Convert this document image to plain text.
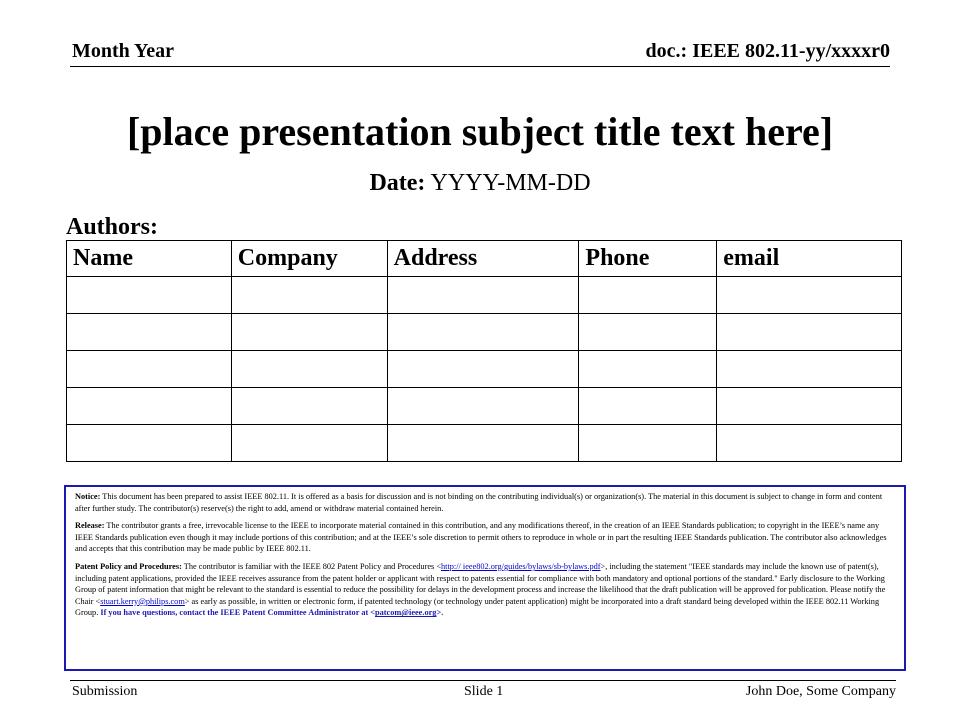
Month Year	doc.: IEEE 802.11-yy/xxxxr0
[place presentation subject title text here]
Date: YYYY-MM-DD
Authors:
Name	Company	Address	Phone	email

Notice: This document has been prepared to assist IEEE 802.11. It is offered as a basis for discussion and is not binding on the contributing individual(s) or organization(s). The material in this document is subject to change in form and content after further study. The contributor(s) reserve(s) the right to add, amend or withdraw material contained herein.

Release: The contributor grants a free, irrevocable license to the IEEE to incorporate material contained in this contribution, and any modifications thereof, in the creation of an IEEE Standards publication; to copyright in the IEEE’s name any IEEE Standards publication even though it may include portions of this contribution; and at the IEEE’s sole discretion to permit others to reproduce in whole or in part the resulting IEEE Standards publication. The contributor also acknowledges and accepts that this contribution may be made public by IEEE 802.11.

Patent Policy and Procedures: The contributor is familiar with the IEEE 802 Patent Policy and Procedures <http:// ieee802.org/guides/bylaws/sb-bylaws.pdf>, including the statement "IEEE standards may include the known use of patent(s), including patent applications, provided the IEEE receives assurance from the patent holder or applicant with respect to patents essential for compliance with both mandatory and optional portions of the standard." Early disclosure to the Working Group of patent information that might be relevant to the standard is essential to reduce the possibility for delays in the development process and increase the likelihood that the draft publication will be approved for publication. Please notify the Chair <stuart.kerry@philips.com> as early as possible, in written or electronic form, if patented technology (or technology under patent application) might be incorporated into a draft standard being developed within the IEEE 802.11 Working Group. If you have questions, contact the IEEE Patent Committee Administrator at <patcom@ieee.org>.

Submission	Slide 1	John Doe, Some Company
